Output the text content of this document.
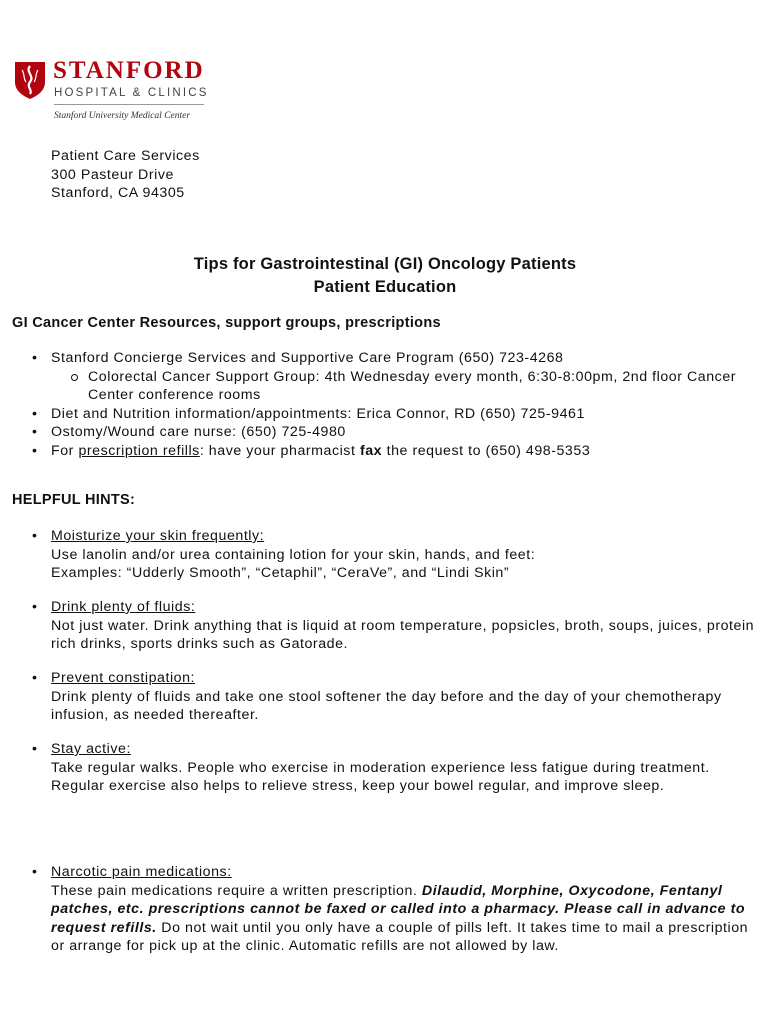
STANFORD
HOSPITAL & CLINICS
Stanford University Medical Center
Patient Care Services
300 Pasteur Drive
Stanford, CA 94305
Tips for Gastrointestinal (GI) Oncology Patients
Patient Education
GI Cancer Center Resources, support groups, prescriptions
• Stanford Concierge Services and Supportive Care Program (650) 723-4268
Colorectal Cancer Support Group: 4th Wednesday every month, 6:30-8:00pm, 2nd floor Cancer Center conference rooms
• Diet and Nutrition information/appointments: Erica Connor, RD (650) 725-9461
• Ostomy/Wound care nurse: (650) 725-4980
• For prescription refills: have your pharmacist fax the request to (650) 498-5353
HELPFUL HINTS:
• Moisturize your skin frequently:
Use lanolin and/or urea containing lotion for your skin, hands, and feet:
Examples: “Udderly Smooth”, “Cetaphil”, “CeraVe”, and “Lindi Skin”
• Drink plenty of fluids:
Not just water. Drink anything that is liquid at room temperature, popsicles, broth, soups, juices, protein rich drinks, sports drinks such as Gatorade.
• Prevent constipation:
Drink plenty of fluids and take one stool softener the day before and the day of your chemotherapy infusion, as needed thereafter.
• Stay active:
Take regular walks. People who exercise in moderation experience less fatigue during treatment. Regular exercise also helps to relieve stress, keep your bowel regular, and improve sleep.
• Narcotic pain medications:
These pain medications require a written prescription. Dilaudid, Morphine, Oxycodone, Fentanyl patches, etc. prescriptions cannot be faxed or called into a pharmacy. Please call in advance to request refills. Do not wait until you only have a couple of pills left. It takes time to mail a prescription or arrange for pick up at the clinic. Automatic refills are not allowed by law.
